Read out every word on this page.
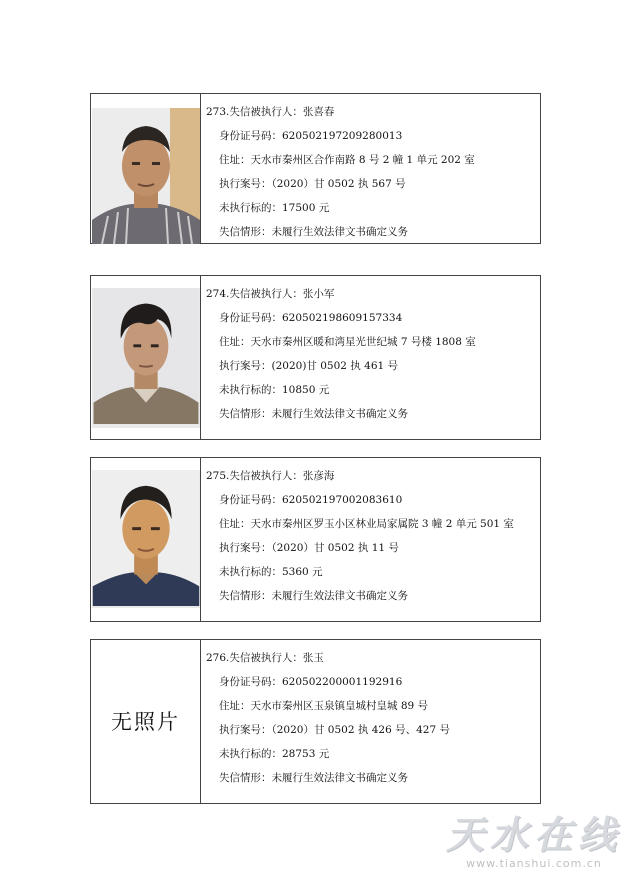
273.失信被执行人：张喜春
身份证号码：620502197209280013
住址：天水市秦州区合作南路 8 号 2 幢 1 单元 202 室
执行案号：（2020）甘 0502 执 567 号
未执行标的：17500 元
失信情形：未履行生效法律文书确定义务
274.失信被执行人：张小军
身份证号码：620502198609157334
住址：天水市秦州区暖和湾星光世纪城 7 号楼 1808 室
执行案号：(2020)甘 0502 执 461 号
未执行标的：10850 元
失信情形：未履行生效法律文书确定义务
275.失信被执行人：张彦海
身份证号码：620502197002083610
住址：天水市秦州区罗玉小区林业局家属院 3 幢 2 单元 501 室
执行案号：（2020）甘 0502 执 11 号
未执行标的：5360 元
失信情形：未履行生效法律文书确定义务
无照片
276.失信被执行人：张玉
身份证号码：620502200001192916
住址：天水市秦州区玉泉镇皇城村皇城 89 号
执行案号：（2020）甘 0502 执 426 号、427 号
未执行标的：28753 元
失信情形：未履行生效法律文书确定义务
天水在线
www.tianshui.com.cn
